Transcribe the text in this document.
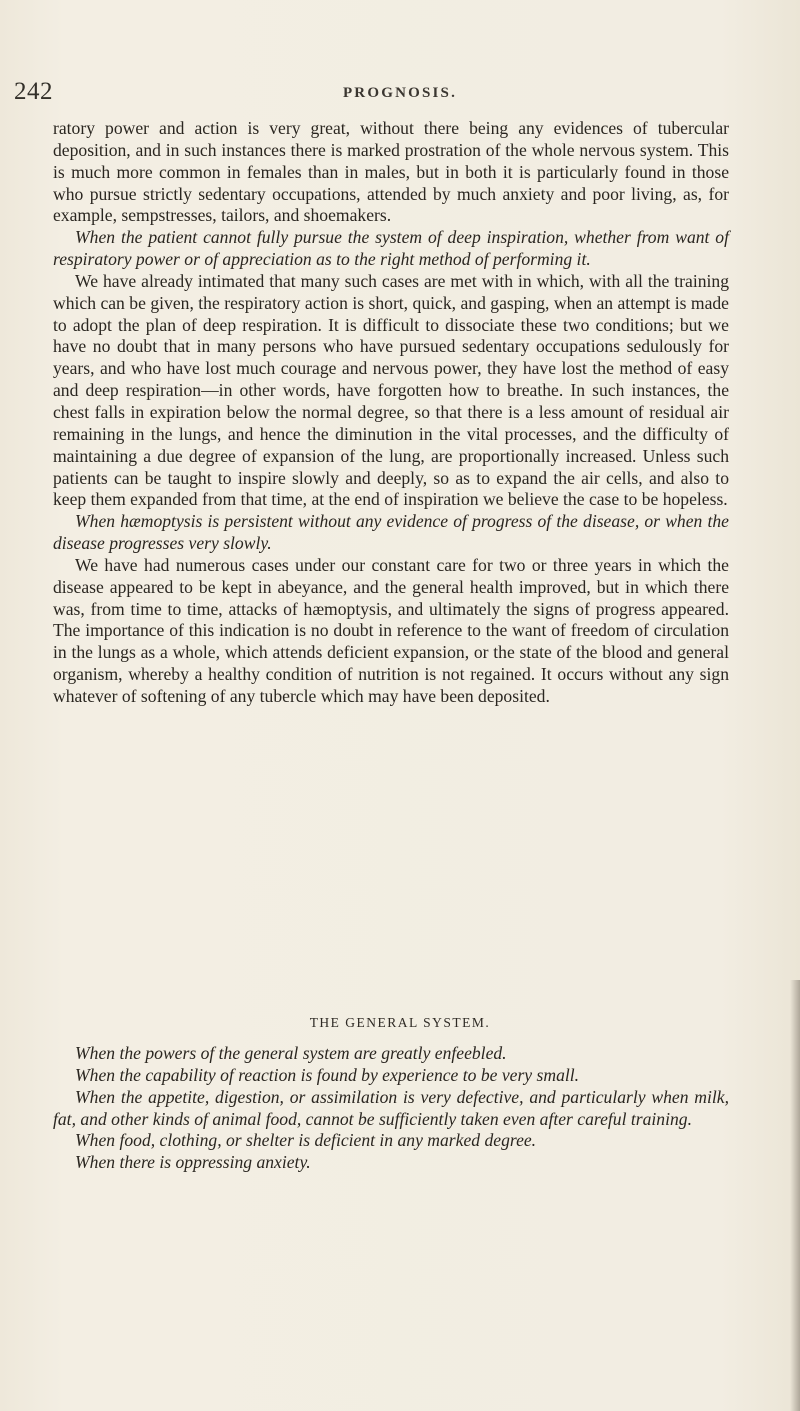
242	PROGNOSIS.

ratory power and action is very great, without there being any evidences of tubercular deposition, and in such instances there is marked prostration of the whole nervous system. This is much more common in females than in males, but in both it is particularly found in those who pursue strictly sedentary occupations, attended by much anxiety and poor living, as, for example, sempstresses, tailors, and shoemakers.

When the patient cannot fully pursue the system of deep inspiration, whether from want of respiratory power or of appreciation as to the right method of performing it.

We have already intimated that many such cases are met with in which, with all the training which can be given, the respiratory action is short, quick, and gasping, when an attempt is made to adopt the plan of deep respiration. It is difficult to dissociate these two conditions; but we have no doubt that in many persons who have pursued sedentary occupations sedulously for years, and who have lost much courage and nervous power, they have lost the method of easy and deep respiration—in other words, have forgotten how to breathe. In such instances, the chest falls in expiration below the normal degree, so that there is a less amount of residual air remaining in the lungs, and hence the diminution in the vital processes, and the difficulty of maintaining a due degree of expansion of the lung, are proportionally increased. Unless such patients can be taught to inspire slowly and deeply, so as to expand the air cells, and also to keep them expanded from that time, at the end of inspiration we believe the case to be hopeless.

When hæmoptysis is persistent without any evidence of progress of the disease, or when the disease progresses very slowly.

We have had numerous cases under our constant care for two or three years in which the disease appeared to be kept in abeyance, and the general health improved, but in which there was, from time to time, attacks of hæmoptysis, and ultimately the signs of progress appeared. The importance of this indication is no doubt in reference to the want of freedom of circulation in the lungs as a whole, which attends deficient expansion, or the state of the blood and general organism, whereby a healthy condition of nutrition is not regained. It occurs without any sign whatever of softening of any tubercle which may have been deposited.

THE GENERAL SYSTEM.

When the powers of the general system are greatly enfeebled.

When the capability of reaction is found by experience to be very small.

When the appetite, digestion, or assimilation is very defective, and particularly when milk, fat, and other kinds of animal food, cannot be sufficiently taken even after careful training.

When food, clothing, or shelter is deficient in any marked degree.

When there is oppressing anxiety.
